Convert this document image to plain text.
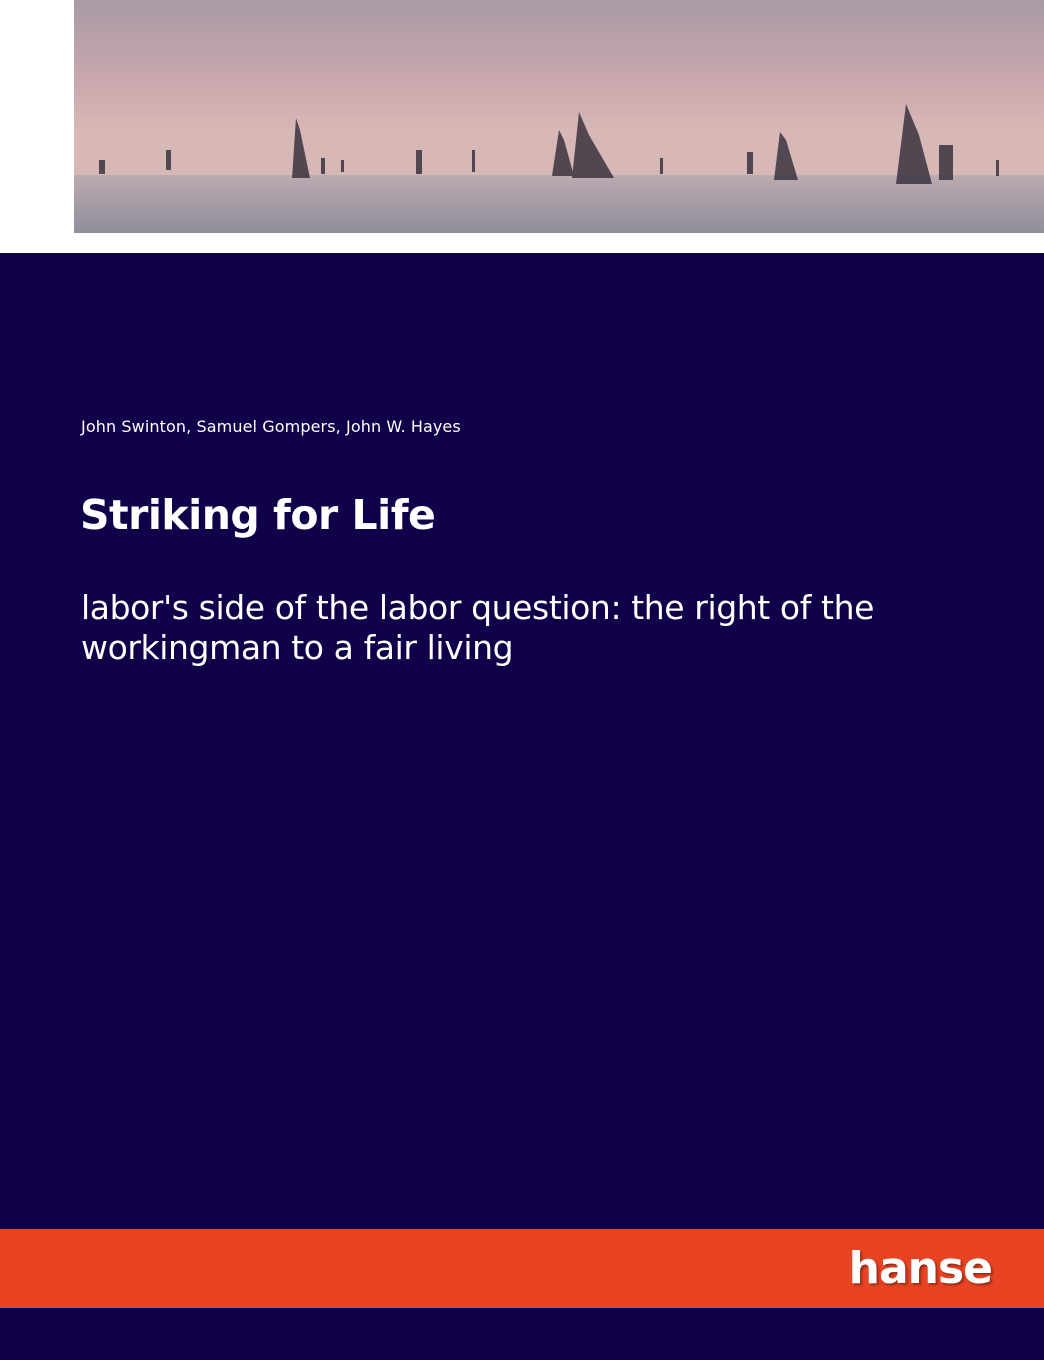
John Swinton, Samuel Gompers, John W. Hayes
Striking for Life
labor's side of the labor question: the right of the workingman to a fair living
hanse
